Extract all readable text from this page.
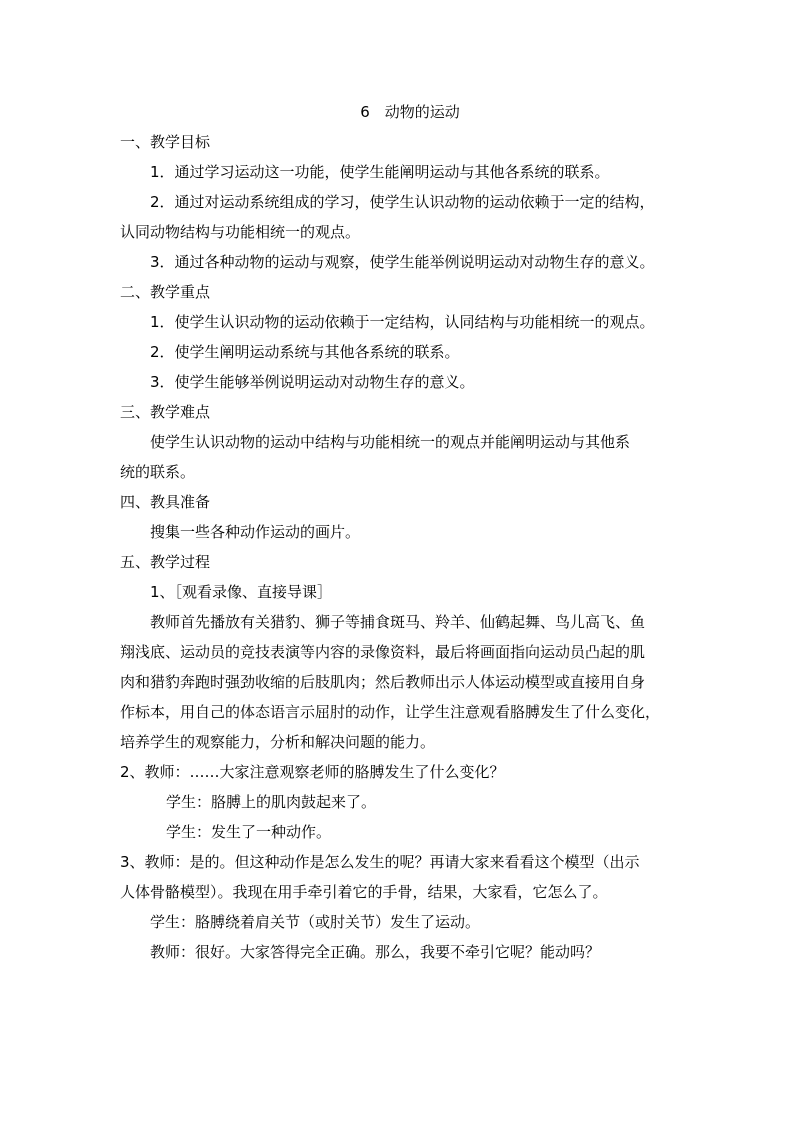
6　动物的运动

一、教学目标

1．通过学习运动这一功能，使学生能阐明运动与其他各系统的联系。

2．通过对运动系统组成的学习，使学生认识动物的运动依赖于一定的结构，

认同动物结构与功能相统一的观点。

3．通过各种动物的运动与观察，使学生能举例说明运动对动物生存的意义。

二、教学重点

1．使学生认识动物的运动依赖于一定结构，认同结构与功能相统一的观点。

2．使学生阐明运动系统与其他各系统的联系。

3．使学生能够举例说明运动对动物生存的意义。

三、教学难点

使学生认识动物的运动中结构与功能相统一的观点并能阐明运动与其他系

统的联系。

四、教具准备

搜集一些各种动作运动的画片。

五、教学过程

1、［观看录像、直接导课］

教师首先播放有关猎豹、狮子等捕食斑马、羚羊、仙鹤起舞、鸟儿高飞、鱼

翔浅底、运动员的竞技表演等内容的录像资料，最后将画面指向运动员凸起的肌

肉和猎豹奔跑时强劲收缩的后肢肌肉；然后教师出示人体运动模型或直接用自身

作标本，用自己的体态语言示屈肘的动作，让学生注意观看胳膊发生了什么变化，

培养学生的观察能力，分析和解决问题的能力。

2、教师：……大家注意观察老师的胳膊发生了什么变化？

学生：胳膊上的肌肉鼓起来了。

学生：发生了一种动作。

3、教师：是的。但这种动作是怎么发生的呢？再请大家来看看这个模型（出示

人体骨骼模型）。我现在用手牵引着它的手骨，结果，大家看，它怎么了。

学生：胳膊绕着肩关节（或肘关节）发生了运动。

教师：很好。大家答得完全正确。那么，我要不牵引它呢？能动吗？
